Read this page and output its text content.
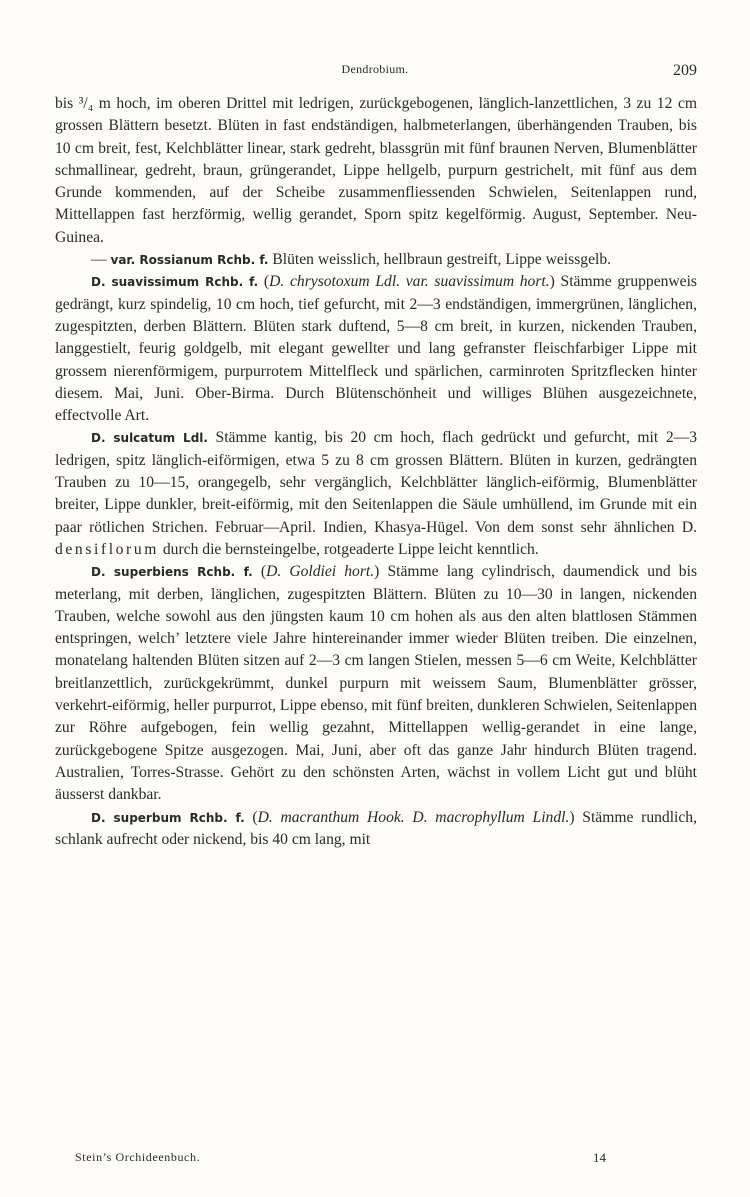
Dendrobium.	209

bis ³/₄ m hoch, im oberen Drittel mit ledrigen, zurückgebogenen, länglich-lanzettlichen, 3 zu 12 cm grossen Blättern besetzt. Blüten in fast endständigen, halbmeterlangen, überhängenden Trauben, bis 10 cm breit, fest, Kelchblätter linear, stark gedreht, blassgrün mit fünf braunen Nerven, Blumenblätter schmallinear, gedreht, braun, grüngerandet, Lippe hellgelb, purpurn gestrichelt, mit fünf aus dem Grunde kommenden, auf der Scheibe zusammenfliessenden Schwielen, Seitenlappen rund, Mittellappen fast herzförmig, wellig gerandet, Sporn spitz kegelförmig. August, September. Neu-Guinea.

— var. Rossianum Rchb. f. Blüten weisslich, hellbraun gestreift, Lippe weissgelb.

D. suavissimum Rchb. f. (D. chrysotoxum Ldl. var. suavissimum hort.) Stämme gruppenweis gedrängt, kurz spindelig, 10 cm hoch, tief gefurcht, mit 2—3 endständigen, immergrünen, länglichen, zugespitzten, derben Blättern. Blüten stark duftend, 5—8 cm breit, in kurzen, nickenden Trauben, langgestielt, feurig goldgelb, mit elegant gewellter und lang gefranster fleischfarbiger Lippe mit grossem nierenförmigem, purpurrotem Mittelfleck und spärlichen, carminroten Spritzflecken hinter diesem. Mai, Juni. Ober-Birma. Durch Blütenschönheit und williges Blühen ausgezeichnete, effectvolle Art.

D. sulcatum Ldl. Stämme kantig, bis 20 cm hoch, flach gedrückt und gefurcht, mit 2—3 ledrigen, spitz länglich-eiförmigen, etwa 5 zu 8 cm grossen Blättern. Blüten in kurzen, gedrängten Trauben zu 10—15, orangegelb, sehr vergänglich, Kelchblätter länglich-eiförmig, Blumenblätter breiter, Lippe dunkler, breit-eiförmig, mit den Seitenlappen die Säule umhüllend, im Grunde mit ein paar rötlichen Strichen. Februar—April. Indien, Khasya-Hügel. Von dem sonst sehr ähnlichen D. densiflorum durch die bernsteingelbe, rotgeaderte Lippe leicht kenntlich.

D. superbiens Rchb. f. (D. Goldiei hort.) Stämme lang cylindrisch, daumendick und bis meterlang, mit derben, länglichen, zugespitzten Blättern. Blüten zu 10—30 in langen, nickenden Trauben, welche sowohl aus den jüngsten kaum 10 cm hohen als aus den alten blattlosen Stämmen entspringen, welch’ letztere viele Jahre hintereinander immer wieder Blüten treiben. Die einzelnen, monatelang haltenden Blüten sitzen auf 2—3 cm langen Stielen, messen 5—6 cm Weite, Kelchblätter breitlanzettlich, zurückgekrümmt, dunkel purpurn mit weissem Saum, Blumenblätter grösser, verkehrt-eiförmig, heller purpurrot, Lippe ebenso, mit fünf breiten, dunkleren Schwielen, Seitenlappen zur Röhre aufgebogen, fein wellig gezahnt, Mittellappen wellig-gerandet in eine lange, zurückgebogene Spitze ausgezogen. Mai, Juni, aber oft das ganze Jahr hindurch Blüten tragend. Australien, Torres-Strasse. Gehört zu den schönsten Arten, wächst in vollem Licht gut und blüht äusserst dankbar.

D. superbum Rchb. f. (D. macranthum Hook. D. macrophyllum Lindl.) Stämme rundlich, schlank aufrecht oder nickend, bis 40 cm lang, mit

Stein’s Orchideenbuch.	14
